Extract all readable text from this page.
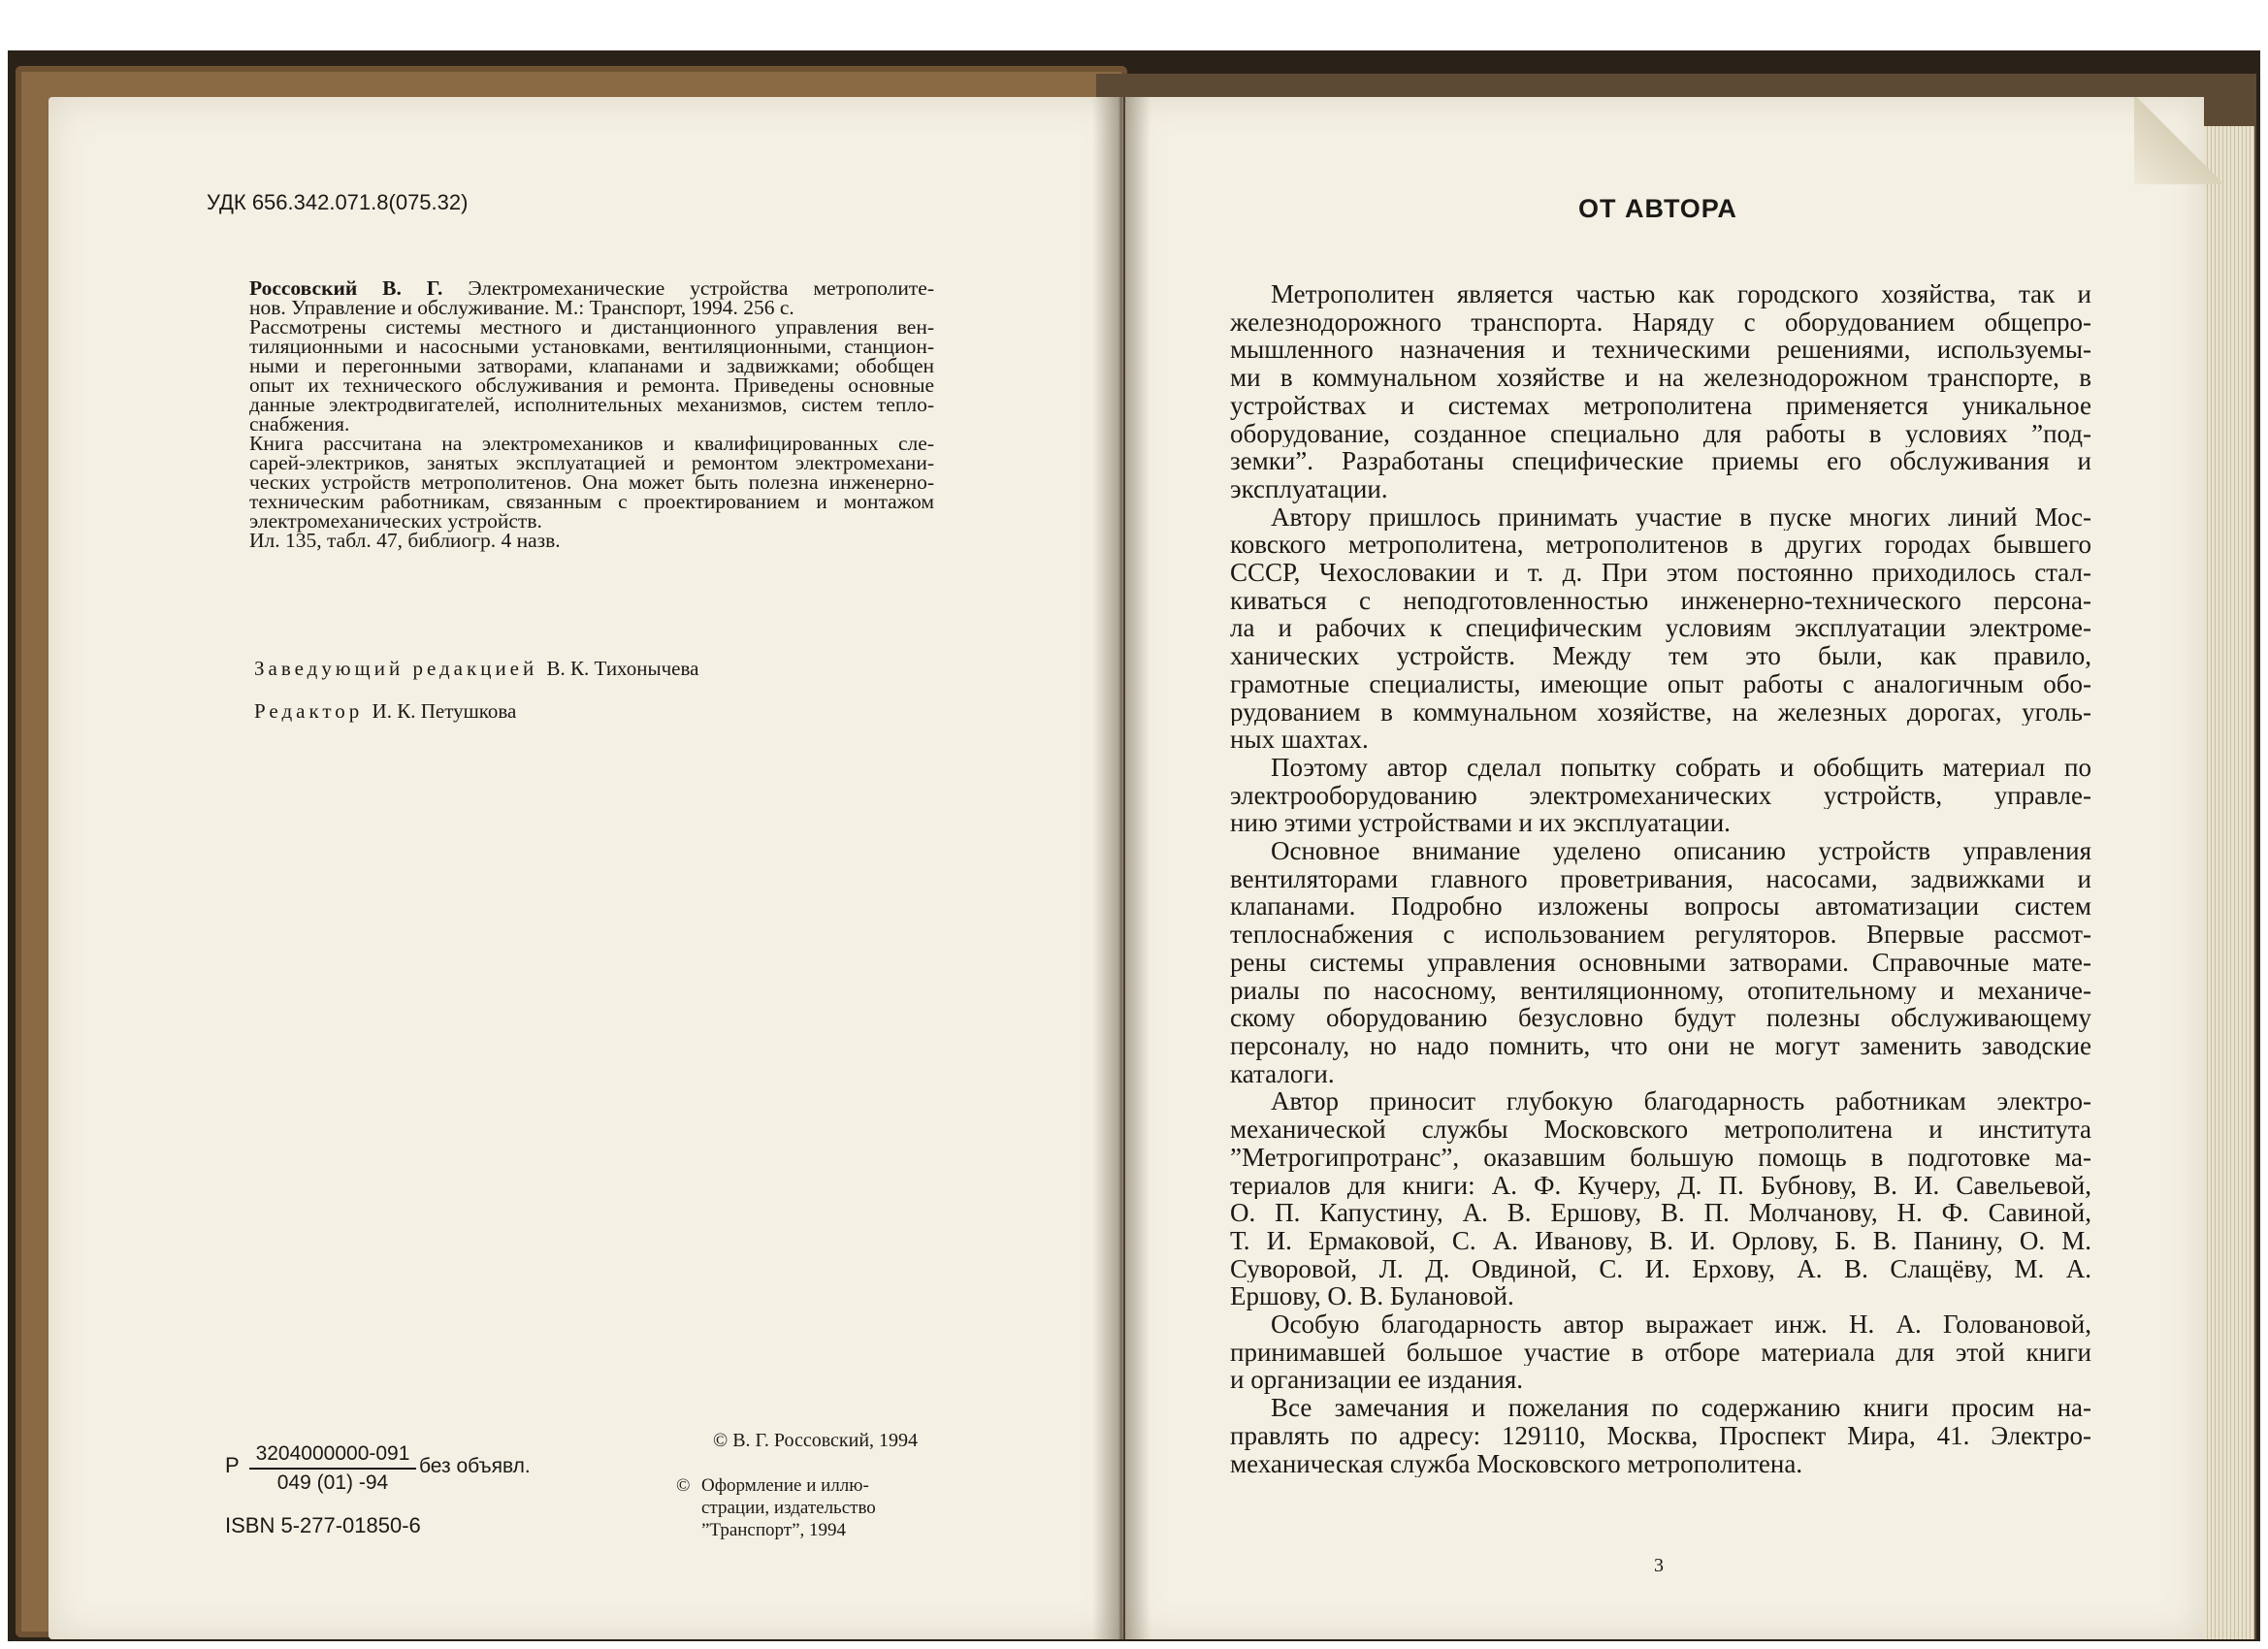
УДК 656.342.071.8(075.32)
Россовский В. Г. Электромеханические устройства метрополите-
нов. Управление и обслуживание. М.: Транспорт, 1994. 256 с.
Рассмотрены системы местного и дистанционного управления вен-
тиляционными и насосными установками, вентиляционными, станцион-
ными и перегонными затворами, клапанами и задвижками; обобщен
опыт их технического обслуживания и ремонта. Приведены основные
данные электродвигателей, исполнительных механизмов, систем тепло-
снабжения.
Книга рассчитана на электромехаников и квалифицированных сле-
сарей-электриков, занятых эксплуатацией и ремонтом электромехани-
ческих устройств метрополитенов. Она может быть полезна инженерно-
техническим работникам, связанным с проектированием и монтажом
электромеханических устройств.
Ил. 135, табл. 47, библиогр. 4 назв.
Заведующий редакцией В. К. Тихонычева
Редактор И. К. Петушкова
Р $\frac{3204000000-091}{049 (01) -94}$ без объявл.
ISBN 5-277-01850-6
© В. Г. Россовский, 1994
© Оформление и иллю-
страции, издательство
”Транспорт”, 1994
ОТ АВТОРА
Метрополитен является частью как городского хозяйства, так и
железнодорожного транспорта. Наряду с оборудованием общепро-
мышленного назначения и техническими решениями, используемы-
ми в коммунальном хозяйстве и на железнодорожном транспорте, в
устройствах и системах метрополитена применяется уникальное
оборудование, созданное специально для работы в условиях ”под-
земки”. Разработаны специфические приемы его обслуживания и
эксплуатации.
Автору пришлось принимать участие в пуске многих линий Мос-
ковского метрополитена, метрополитенов в других городах бывшего
СССР, Чехословакии и т. д. При этом постоянно приходилось стал-
киваться с неподготовленностью инженерно-технического персона-
ла и рабочих к специфическим условиям эксплуатации электроме-
ханических устройств. Между тем это были, как правило,
грамотные специалисты, имеющие опыт работы с аналогичным обо-
рудованием в коммунальном хозяйстве, на железных дорогах, уголь-
ных шахтах.
Поэтому автор сделал попытку собрать и обобщить материал по
электрооборудованию электромеханических устройств, управле-
нию этими устройствами и их эксплуатации.
Основное внимание уделено описанию устройств управления
вентиляторами главного проветривания, насосами, задвижками и
клапанами. Подробно изложены вопросы автоматизации систем
теплоснабжения с использованием регуляторов. Впервые рассмот-
рены системы управления основными затворами. Справочные мате-
риалы по насосному, вентиляционному, отопительному и механиче-
скому оборудованию безусловно будут полезны обслуживающему
персоналу, но надо помнить, что они не могут заменить заводские
каталоги.
Автор приносит глубокую благодарность работникам электро-
механической службы Московского метрополитена и института
”Метрогипротранс”, оказавшим большую помощь в подготовке ма-
териалов для книги: А. Ф. Кучеру, Д. П. Бубнову, В. И. Савельевой,
О. П. Капустину, А. В. Ершову, В. П. Молчанову, Н. Ф. Савиной,
Т. И. Ермаковой, С. А. Иванову, В. И. Орлову, Б. В. Панину, О. М.
Суворовой, Л. Д. Овдиной, С. И. Ерхову, А. В. Слащёву, М. А.
Ершову, О. В. Булановой.
Особую благодарность автор выражает инж. Н. А. Головановой,
принимавшей большое участие в отборе материала для этой книги
и организации ее издания.
Все замечания и пожелания по содержанию книги просим на-
правлять по адресу: 129110, Москва, Проспект Мира, 41. Электро-
механическая служба Московского метрополитена.
3
